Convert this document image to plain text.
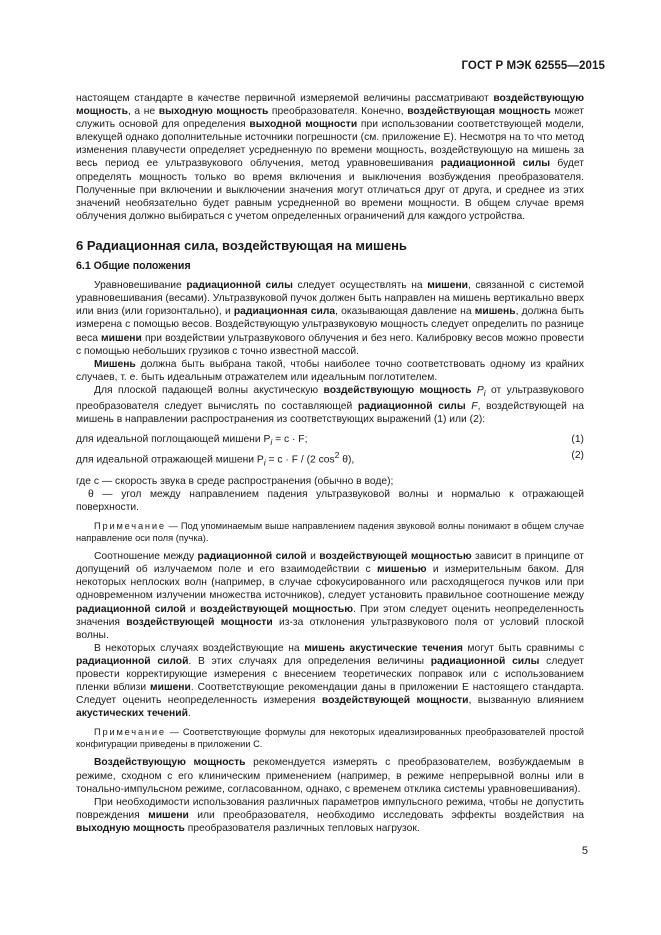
ГОСТ Р МЭК 62555—2015

настоящем стандарте в качестве первичной измеряемой величины рассматривают воздействующую мощность, а не выходную мощность преобразователя. Конечно, воздействующая мощность может служить основой для определения выходной мощности при использовании соответствующей модели, влекущей однако дополнительные источники погрешности (см. приложение Е). Несмотря на то что метод изменения плавучести определяет усредненную по времени мощность, воздействующую на мишень за весь период ее ультразвукового облучения, метод уравновешивания радиационной силы будет определять мощность только во время включения и выключения возбуждения преобразователя. Полученные при включении и выключении значения могут отличаться друг от друга, и среднее из этих значений необязательно будет равным усредненной во времени мощности. В общем случае время облучения должно выбираться с учетом определенных ограничений для каждого устройства.

6 Радиационная сила, воздействующая на мишень
6.1 Общие положения

Уравновешивание радиационной силы следует осуществлять на мишени, связанной с системой уравновешивания (весами). Ультразвуковой пучок должен быть направлен на мишень вертикально вверх или вниз (или горизонтально), и радиационная сила, оказывающая давление на мишень, должна быть измерена с помощью весов. Воздействующую ультразвуковую мощность следует определить по разнице веса мишени при воздействии ультразвукового облучения и без него. Калибровку весов можно провести с помощью небольших грузиков с точно известной массой.

Мишень должна быть выбрана такой, чтобы наиболее точно соответствовать одному из крайних случаев, т. е. быть идеальным отражателем или идеальным поглотителем.

Для плоской падающей волны акустическую воздействующую мощность $P_i$ от ультразвукового преобразователя следует вычислять по составляющей радиационной силы F, воздействующей на мишень в направлении распространения из соответствующих выражений (1) или (2):

для идеальной поглощающей мишени $P_i = c \cdot F$;	(1)
для идеальной отражающей мишени $P_i = c \cdot F / (2$ $\cos^2 \theta$),	(2)

где c — скорость звука в среде распространения (обычно в воде);

θ — угол между направлением падения ультразвуковой волны и нормалью к отражающей поверхности.

Примечание — Под упоминаемым выше направлением падения звуковой волны понимают в общем случае направление оси поля (пучка).

Соотношение между радиационной силой и воздействующей мощностью зависит в принципе от допущений об излучаемом поле и его взаимодействии с мишенью и измерительным баком. Для некоторых неплоских волн (например, в случае сфокусированного или расходящегося пучков или при одновременном излучении множества источников), следует установить правильное соотношение между радиационной силой и воздействующей мощностью. При этом следует оценить неопределенность значения воздействующей мощности из-за отклонения ультразвукового поля от условий плоской волны.

В некоторых случаях воздействующие на мишень акустические течения могут быть сравнимы с радиационной силой. В этих случаях для определения величины радиационной силы следует провести корректирующие измерения с внесением теоретических поправок или с использованием пленки вблизи мишени. Соответствующие рекомендации даны в приложении Е настоящего стандарта. Следует оценить неопределенность измерения воздействующей мощности, вызванную влиянием акустических течений.

Примечание — Соответствующие формулы для некоторых идеализированных преобразователей простой конфигурации приведены в приложении С.

Воздействующую мощность рекомендуется измерять с преобразователем, возбуждаемым в режиме, сходном с его клиническим применением (например, в режиме непрерывной волны или в тонально-импульсном режиме, согласованном, однако, с временем отклика системы уравновешивания).

При необходимости использования различных параметров импульсного режима, чтобы не допустить повреждения мишени или преобразователя, необходимо исследовать эффекты воздействия на выходную мощность преобразователя различных тепловых нагрузок.

5
